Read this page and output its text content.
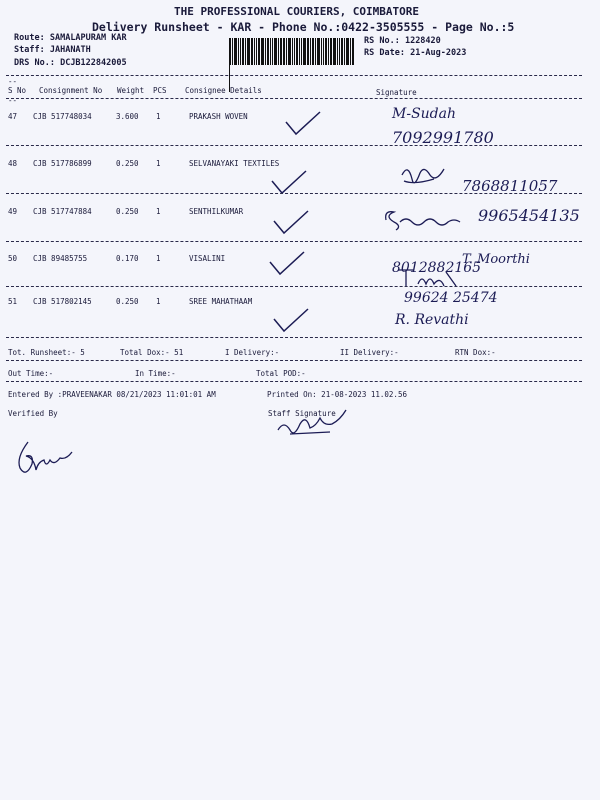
THE PROFESSIONAL COURIERS, COIMBATORE
Delivery Runsheet - KAR - Phone No.:0422-3505555 - Page No.:5
Route: SAMALAPURAM KAR
Staff: JAHANATH
DRS No.: DCJB122842005
RS No.: 1228420
RS Date: 21-Aug-2023
--
S No Consignment No Weight PCS Consignee Details	Signature
--
47 CJB 517748034	3.600 1	PRAKASH WOVEN	M-Sudah
7092991780
48 CJB 517786899	0.250 1	SELVANAYAKI TEXTILES
7868811057
49 CJB 517747884	0.250 1	SENTHILKUMAR	9965454135
50 CJB 89485755	0.170 1	VISALINI	T. Moorthi
8012882165
51 CJB 517802145	0.250 1	SREE MAHATHAAM	99624 25474
R. Revathi
Tot. Runsheet:- 5	Total Dox:- 51	I Delivery:-	II Delivery:-	RTN Dox:-
Out Time:-	In Time:-	Total POD:-
Entered By :PRAVEENAKAR 08/21/2023 11:01:01 AM	Printed On: 21-08-2023 11.02.56
Verified By	Staff Signature
